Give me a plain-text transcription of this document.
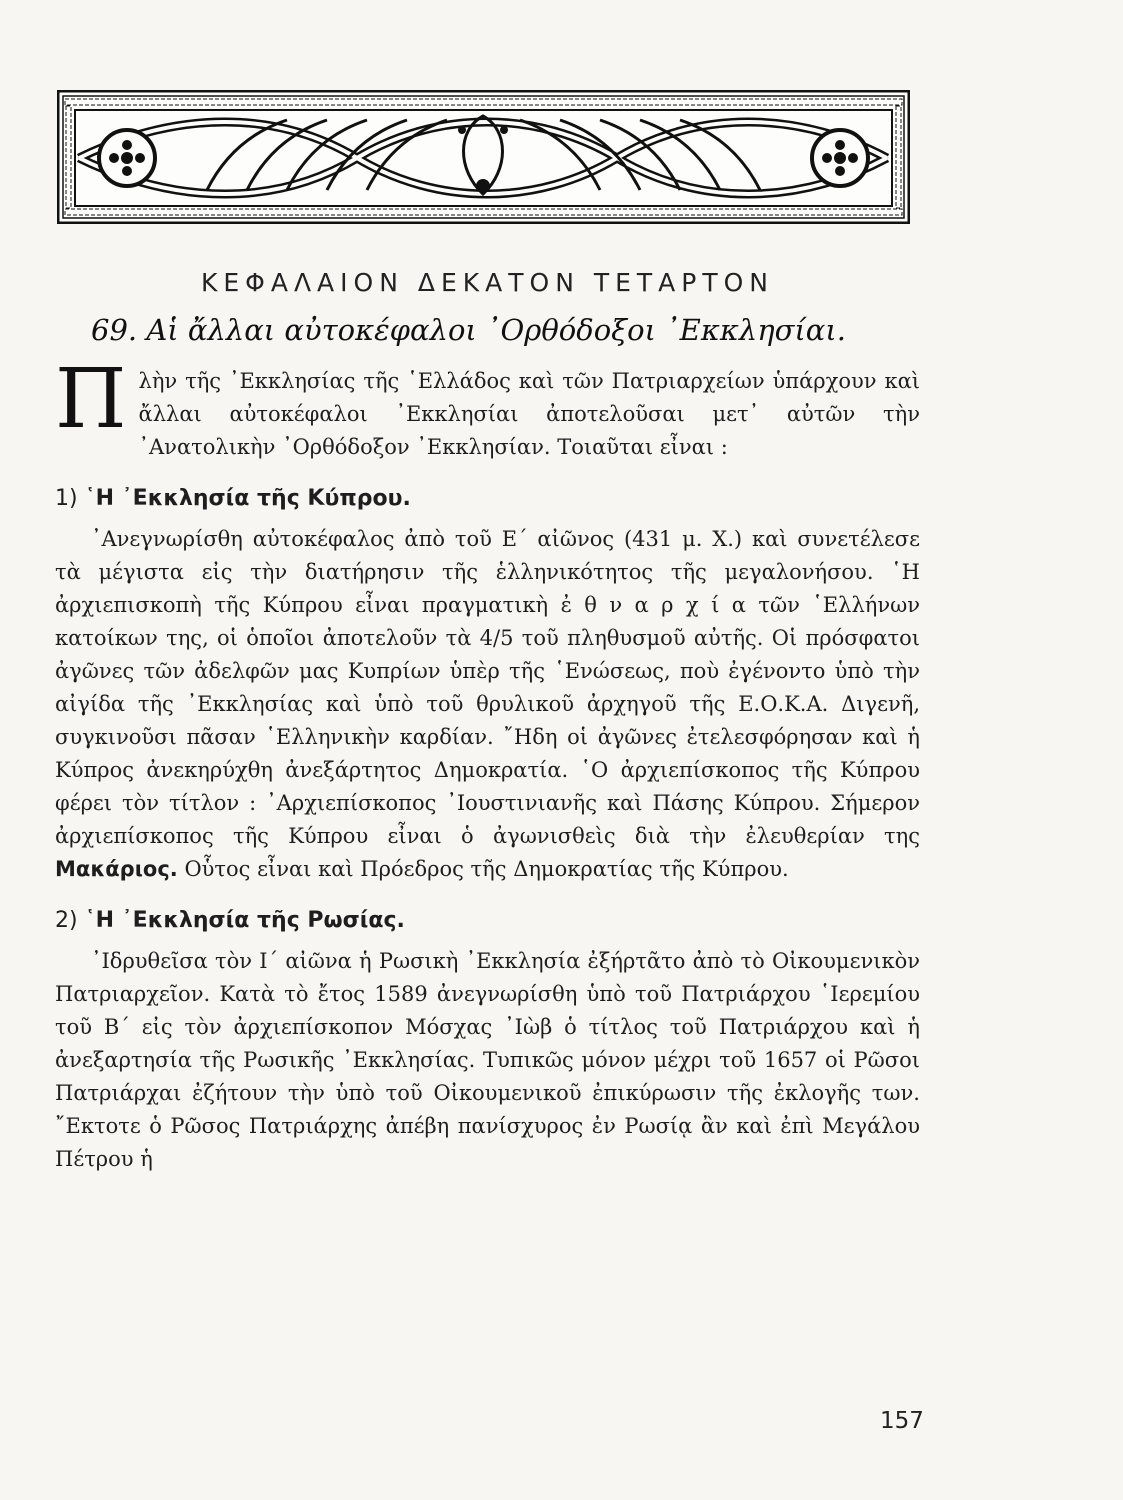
ΚΕΦΑΛΑΙΟΝ ΔΕΚΑΤΟΝ ΤΕΤΑΡΤΟΝ
69. Αἱ ἄλλαι αὐτοκέφαλοι ᾿Ορθόδοξοι ᾿Εκκλησίαι.

Πλὴν τῆς ᾿Εκκλησίας τῆς ῾Ελλάδος καὶ τῶν Πατριαρχείων ὑπάρχουν καὶ ἄλλαι αὐτοκέφαλοι ᾿Εκκλησίαι ἀποτελοῦσαι μετ᾿ αὐτῶν τὴν ᾿Ανατολικὴν ᾿Ορθόδοξον ᾿Εκκλησίαν. Τοιαῦται εἶναι :

1) ῾Η ᾿Εκκλησία τῆς Κύπρου.

᾿Ανεγνωρίσθη αὐτοκέφαλος ἀπὸ τοῦ Ε΄ αἰῶνος (431 μ. Χ.) καὶ συνετέλεσε τὰ μέγιστα εἰς τὴν διατήρησιν τῆς ἑλληνικότητος τῆς μεγαλονήσου. ῾Η ἀρχιεπισκοπὴ τῆς Κύπρου εἶναι πραγματικὴ ἐ θ ν α ρ χ ί α τῶν ῾Ελλήνων κατοίκων της, οἱ ὁποῖοι ἀποτελοῦν τὰ 4/5 τοῦ πληθυσμοῦ αὐτῆς. Οἱ πρόσφατοι ἀγῶνες τῶν ἀδελφῶν μας Κυπρίων ὑπὲρ τῆς ῾Ενώσεως, ποὺ ἐγένοντο ὑπὸ τὴν αἰγίδα τῆς ᾿Εκκλησίας καὶ ὑπὸ τοῦ θρυλικοῦ ἀρχηγοῦ τῆς Ε.Ο.Κ.Α. Διγενῆ, συγκινοῦσι πᾶσαν ῾Ελληνικὴν καρδίαν. ῎Ηδη οἱ ἀγῶνες ἐτελεσφόρησαν καὶ ἡ Κύπρος ἀνεκηρύχθη ἀνεξάρτητος Δημοκρατία. ῾Ο ἀρχιεπίσκοπος τῆς Κύπρου φέρει τὸν τίτλον : ᾿Αρχιεπίσκοπος ᾿Ιουστινιανῆς καὶ Πάσης Κύπρου. Σήμερον ἀρχιεπίσκοπος τῆς Κύπρου εἶναι ὁ ἀγωνισθεὶς διὰ τὴν ἐλευθερίαν της Μακάριος. Οὗτος εἶναι καὶ Πρόεδρος τῆς Δημοκρατίας τῆς Κύπρου.

2) ῾Η ᾿Εκκλησία τῆς Ρωσίας.

᾿Ιδρυθεῖσα τὸν Ι΄ αἰῶνα ἡ Ρωσικὴ ᾿Εκκλησία ἐξήρτᾶτο ἀπὸ τὸ Οἰκουμενικὸν Πατριαρχεῖον. Κατὰ τὸ ἔτος 1589 ἀνεγνωρίσθη ὑπὸ τοῦ Πατριάρχου ῾Ιερεμίου τοῦ Β΄ εἰς τὸν ἀρχιεπίσκοπον Μόσχας ᾿Ιὼβ ὁ τίτλος τοῦ Πατριάρχου καὶ ἡ ἀνεξαρτησία τῆς Ρωσικῆς ᾿Εκκλησίας. Τυπικῶς μόνον μέχρι τοῦ 1657 οἱ Ρῶσοι Πατριάρχαι ἐζήτουν τὴν ὑπὸ τοῦ Οἰκουμενικοῦ ἐπικύρωσιν τῆς ἐκλογῆς των. ῎Εκτοτε ὁ Ρῶσος Πατριάρχης ἀπέβη πανίσχυρος ἐν Ρωσίᾳ ἂν καὶ ἐπὶ Μεγάλου Πέτρου ἡ

157
